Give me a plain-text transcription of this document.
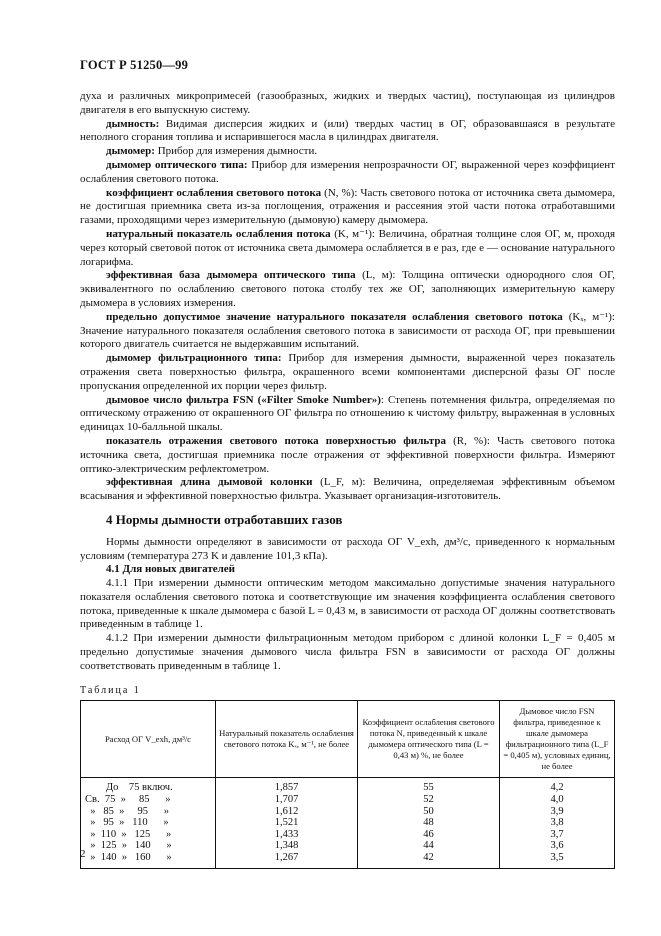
ГОСТ Р 51250—99

духа и различных микропримесей (газообразных, жидких и твердых частиц), поступающая из цилиндров двигателя в его выпускную систему.

дымность: Видимая дисперсия жидких и (или) твердых частиц в ОГ, образовавшаяся в результате неполного сгорания топлива и испарившегося масла в цилиндрах двигателя.

дымомер: Прибор для измерения дымности.

дымомер оптического типа: Прибор для измерения непрозрачности ОГ, выраженной через коэффициент ослабления светового потока.

коэффициент ослабления светового потока (N, %): Часть светового потока от источника света дымомера, не достигшая приемника света из-за поглощения, отражения и рассеяния этой части потока отработавшими газами, проходящими через измерительную (дымовую) камеру дымомера.

натуральный показатель ослабления потока (K, м⁻¹): Величина, обратная толщине слоя ОГ, м, проходя через который световой поток от источника света дымомера ослабляется в e раз, где e — основание натурального логарифма.

эффективная база дымомера оптического типа (L, м): Толщина оптически однородного слоя ОГ, эквивалентного по ослаблению светового потока столбу тех же ОГ, заполняющих измерительную камеру дымомера в условиях измерения.

предельно допустимое значение натурального показателя ослабления светового потока (Kₓ, м⁻¹): Значение натурального показателя ослабления светового потока в зависимости от расхода ОГ, при превышении которого двигатель считается не выдержавшим испытаний.

дымомер фильтрационного типа: Прибор для измерения дымности, выраженной через показатель отражения света поверхностью фильтра, окрашенного всеми компонентами дисперсной фазы ОГ после пропускания определенной их порции через фильтр.

дымовое число фильтра FSN («Filter Smoke Number»): Степень потемнения фильтра, определяемая по оптическому отражению от окрашенного ОГ фильтра по отношению к чистому фильтру, выраженная в условных единицах 10-балльной шкалы.

показатель отражения светового потока поверхностью фильтра (R, %): Часть светового потока источника света, достигшая приемника после отражения от эффективной поверхности фильтра. Измеряют оптико-электрическим рефлектометром.

эффективная длина дымовой колонки (L_F, м): Величина, определяемая эффективным объемом всасывания и эффективной поверхностью фильтра. Указывает организация-изготовитель.

4 Нормы дымности отработавших газов

Нормы дымности определяют в зависимости от расхода ОГ V_exh, дм³/с, приведенного к нормальным условиям (температура 273 K и давление 101,3 кПа).

4.1 Для новых двигателей

4.1.1 При измерении дымности оптическим методом максимально допустимые значения натурального показателя ослабления светового потока и соответствующие им значения коэффициента ослабления светового потока, приведенные к шкале дымомера с базой L = 0,43 м, в зависимости от расхода ОГ должны соответствовать приведенным в таблице 1.

4.1.2 При измерении дымности фильтрационным методом прибором с длиной колонки L_F = 0,405 м предельно допустимые значения дымового числа фильтра FSN в зависимости от расхода ОГ должны соответствовать приведенным в таблице 1.

Таблица 1

Расход ОГ V_exh, дм³/с	Натуральный показатель ослабления светового потока Kₓ, м⁻¹, не более	Коэффициент ослабления светового потока N, приведенный к шкале дымомера оптического типа (L = 0,43 м) %, не более	Дымовое число FSN фильтра, приведенное к шкале дымомера фильтрационного типа (L_F = 0,405 м), условных единиц, не более
До    75 включ.	1,857	55	4,2
Св.  75  »     85      »	1,707	52	4,0
»   85  »     95      »	1,612	50	3,9
»   95  »   110      »	1,521	48	3,8
»  110  »   125      »	1,433	46	3,7
»  125  »   140      »	1,348	44	3,6
»  140  »   160      »	1,267	42	3,5
2
